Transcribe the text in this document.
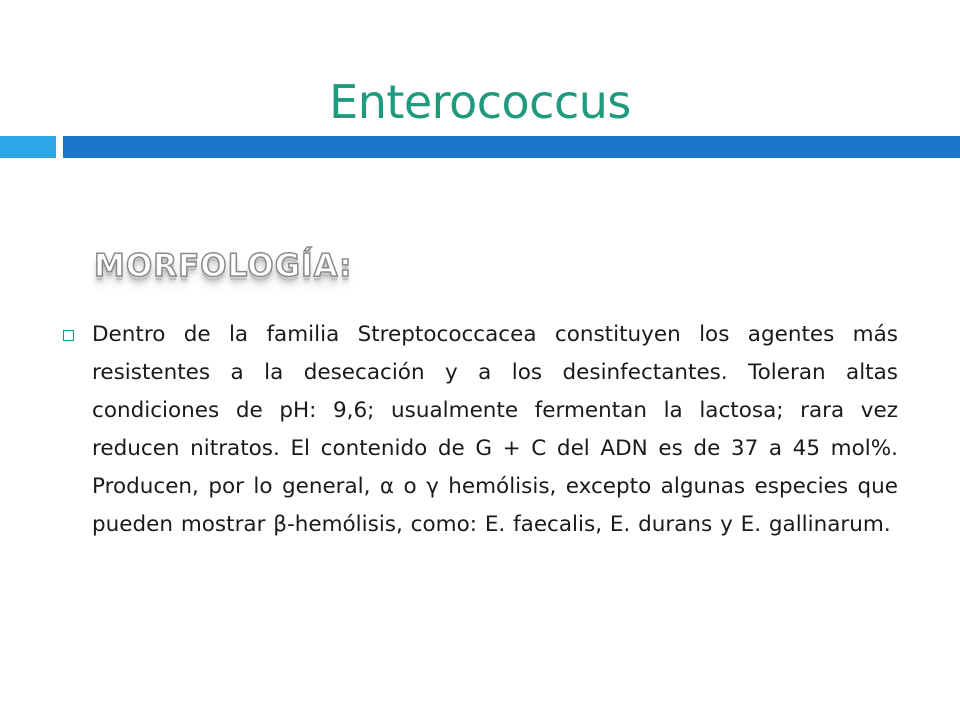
Enterococcus
MORFOLOGÍA:
Dentro de la familia Streptococcacea constituyen los agentes más resistentes a la desecación y a los desinfectantes. Toleran altas condiciones de pH: 9,6; usualmente fermentan la lactosa; rara vez reducen nitratos. El contenido de G + C del ADN es de 37 a 45 mol%. Producen, por lo general, α o γ hemólisis, excepto algunas especies que pueden mostrar β-hemólisis, como: E. faecalis, E. durans y E. gallinarum.
